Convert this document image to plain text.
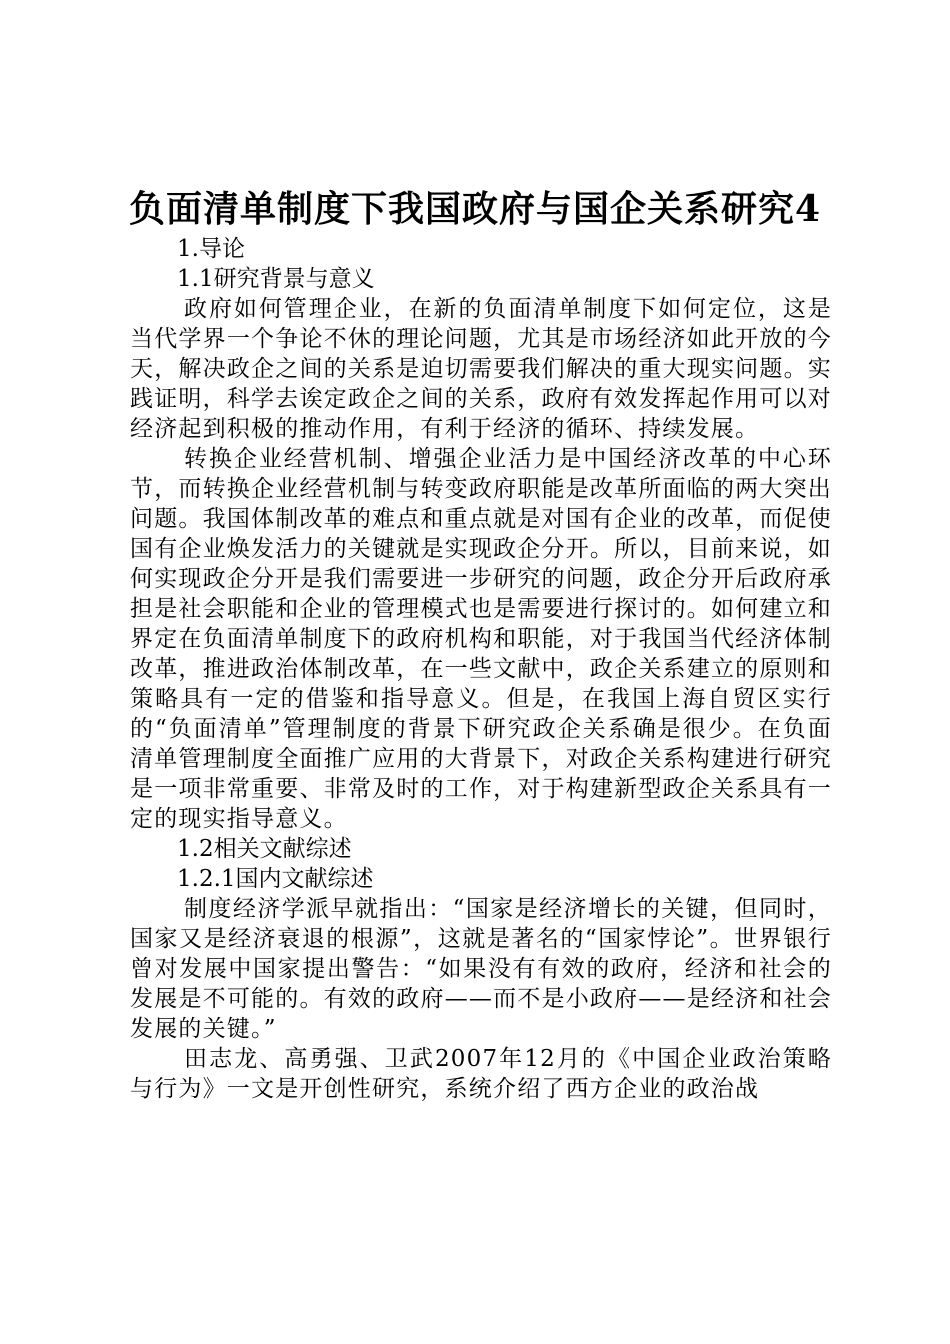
负面清单制度下我国政府与国企关系研究4
1.导论
1.1研究背景与意义

政府如何管理企业，在新的负面清单制度下如何定位，这是当代学界一个争论不休的理论问题，尤其是市场经济如此开放的今天，解决政企之间的关系是迫切需要我们解决的重大现实问题。实践证明，科学去诶定政企之间的关系，政府有效发挥起作用可以对经济起到积极的推动作用，有利于经济的循环、持续发展。

转换企业经营机制、增强企业活力是中国经济改革的中心环节，而转换企业经营机制与转变政府职能是改革所面临的两大突出问题。我国体制改革的难点和重点就是对国有企业的改革，而促使国有企业焕发活力的关键就是实现政企分开。所以，目前来说，如何实现政企分开是我们需要进一步研究的问题，政企分开后政府承担是社会职能和企业的管理模式也是需要进行探讨的。如何建立和界定在负面清单制度下的政府机构和职能，对于我国当代经济体制改革，推进政治体制改革，在一些文献中，政企关系建立的原则和策略具有一定的借鉴和指导意义。但是，在我国上海自贸区实行的“负面清单”管理制度的背景下研究政企关系确是很少。在负面清单管理制度全面推广应用的大背景下，对政企关系构建进行研究是一项非常重要、非常及时的工作，对于构建新型政企关系具有一定的现实指导意义。

1.2相关文献综述
1.2.1国内文献综述

制度经济学派早就指出：“国家是经济增长的关键，但同时，国家又是经济衰退的根源”，这就是著名的“国家悖论”。世界银行曾对发展中国家提出警告：“如果没有有效的政府，经济和社会的发展是不可能的。有效的政府——而不是小政府——是经济和社会发展的关键。”

田志龙、高勇强、卫武2007年12月的《中国企业政治策略与行为》一文是开创性研究，系统介绍了西方企业的政治战
